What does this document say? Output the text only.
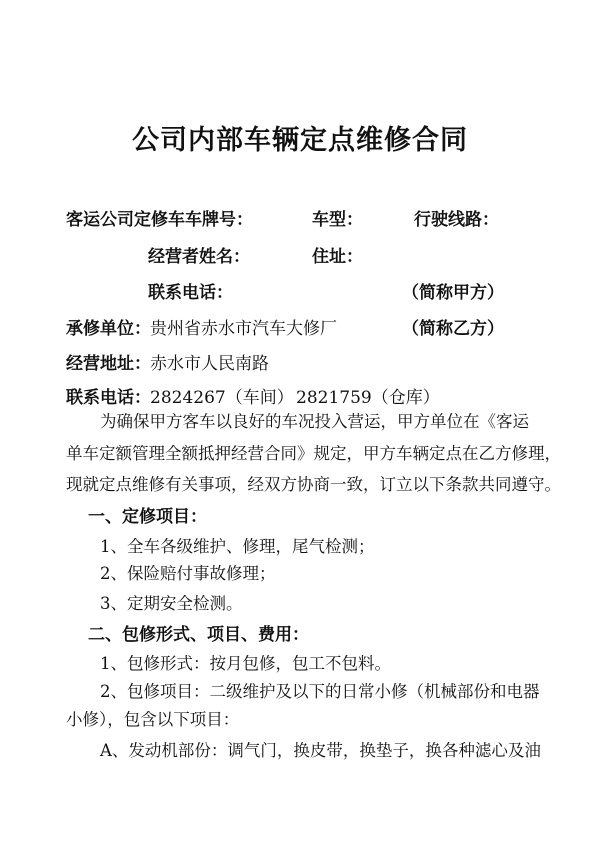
公司内部车辆定点维修合同
客运公司定修车车牌号：	车型：	行驶线路：
经营者姓名：	住址：
联系电话：	（简称甲方）
承修单位： 贵州省赤水市汽车大修厂	（简称乙方）
经营地址： 赤水市人民南路
联系电话： 2824267（车间） 2821759（仓库）
为确保甲方客车以良好的车况投入营运，甲方单位在《客运
单车定额管理全额抵押经营合同》规定，甲方车辆定点在乙方修理，
现就定点维修有关事项，经双方协商一致，订立以下条款共同遵守。
一、定修项目：
1、全车各级维护、修理，尾气检测；
2、保险赔付事故修理；
3、定期安全检测。
二、包修形式、项目、费用：
1、包修形式：按月包修，包工不包料。
2、包修项目：二级维护及以下的日常小修（机械部份和电器
小修），包含以下项目：
A、发动机部份：调气门，换皮带，换垫子，换各种滤心及油
